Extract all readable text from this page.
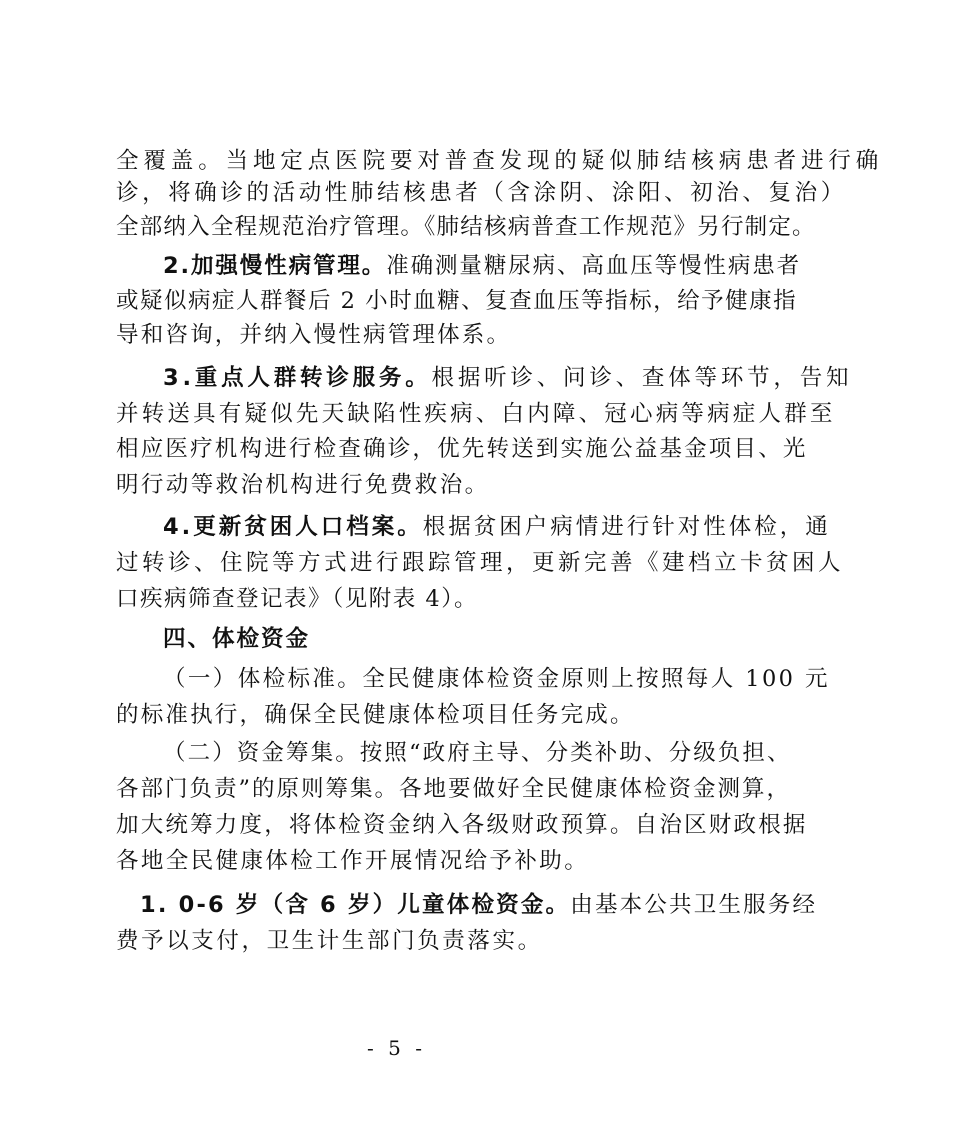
全覆盖。当地定点医院要对普查发现的疑似肺结核病患者进行确
诊，将确诊的活动性肺结核患者（含涂阴、涂阳、初治、复治）
全部纳入全程规范治疗管理。《肺结核病普查工作规范》另行制定。
2.加强慢性病管理。准确测量糖尿病、高血压等慢性病患者
或疑似病症人群餐后 2 小时血糖、复查血压等指标，给予健康指
导和咨询，并纳入慢性病管理体系。
3.重点人群转诊服务。根据听诊、问诊、查体等环节，告知
并转送具有疑似先天缺陷性疾病、白内障、冠心病等病症人群至
相应医疗机构进行检查确诊，优先转送到实施公益基金项目、光
明行动等救治机构进行免费救治。
4.更新贫困人口档案。根据贫困户病情进行针对性体检，通
过转诊、住院等方式进行跟踪管理，更新完善《建档立卡贫困人
口疾病筛查登记表》（见附表 4）。
四、体检资金
（一）体检标准。全民健康体检资金原则上按照每人 100 元
的标准执行，确保全民健康体检项目任务完成。
（二）资金筹集。按照“政府主导、分类补助、分级负担、
各部门负责”的原则筹集。各地要做好全民健康体检资金测算，
加大统筹力度，将体检资金纳入各级财政预算。自治区财政根据
各地全民健康体检工作开展情况给予补助。
1. 0-6 岁（含 6 岁）儿童体检资金。由基本公共卫生服务经
费予以支付，卫生计生部门负责落实。
- 5 -
